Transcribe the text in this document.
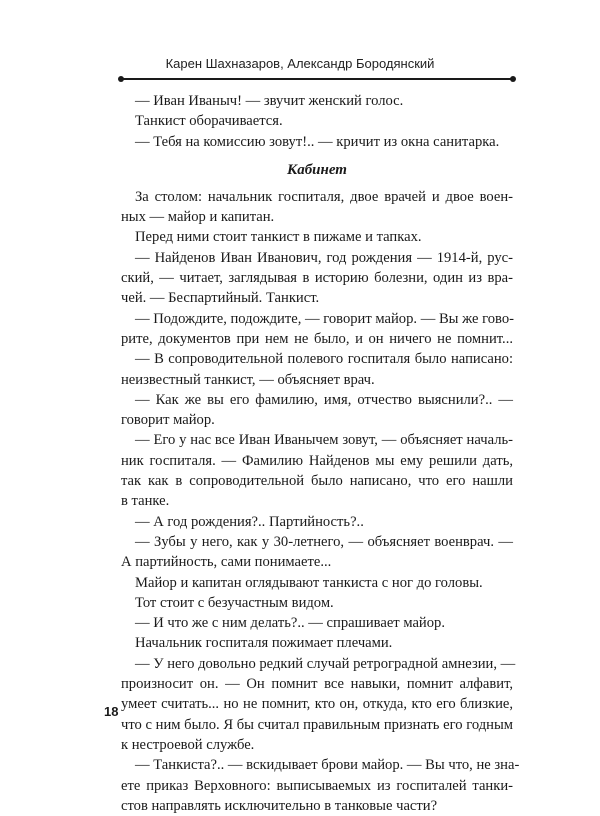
Карен Шахназаров, Александр Бородянский
— Иван Иваныч! — звучит женский голос.
Танкист оборачивается.
— Тебя на комиссию зовут!.. — кричит из окна санитарка.
Кабинет
За столом: начальник госпиталя, двое врачей и двое воен-
ных — майор и капитан.
Перед ними стоит танкист в пижаме и тапках.
— Найденов Иван Иванович, год рождения — 1914-й, рус-
ский, — читает, заглядывая в историю болезни, один из вра-
чей. — Беспартийный. Танкист.
— Подождите, подождите, — говорит майор. — Вы же гово-
рите, документов при нем не было, и он ничего не помнит...
— В сопроводительной полевого госпиталя было написано:
неизвестный танкист, — объясняет врач.
— Как же вы его фамилию, имя, отчество выяснили?.. —
говорит майор.
— Его у нас все Иван Иванычем зовут, — объясняет началь-
ник госпиталя. — Фамилию Найденов мы ему решили дать,
так как в сопроводительной было написано, что его нашли
в танке.
— А год рождения?.. Партийность?..
— Зубы у него, как у 30-летнего, — объясняет военврач. —
А партийность, сами понимаете...
Майор и капитан оглядывают танкиста с ног до головы.
Тот стоит с безучастным видом.
— И что же с ним делать?.. — спрашивает майор.
Начальник госпиталя пожимает плечами.
— У него довольно редкий случай ретроградной амнезии, —
произносит он. — Он помнит все навыки, помнит алфавит,
умеет считать... но не помнит, кто он, откуда, кто его близкие,
что с ним было. Я бы считал правильным признать его годным
к нестроевой службе.
— Танкиста?.. — вскидывает брови майор. — Вы что, не зна-
ете приказ Верховного: выписываемых из госпиталей танки-
стов направлять исключительно в танковые части?
18
